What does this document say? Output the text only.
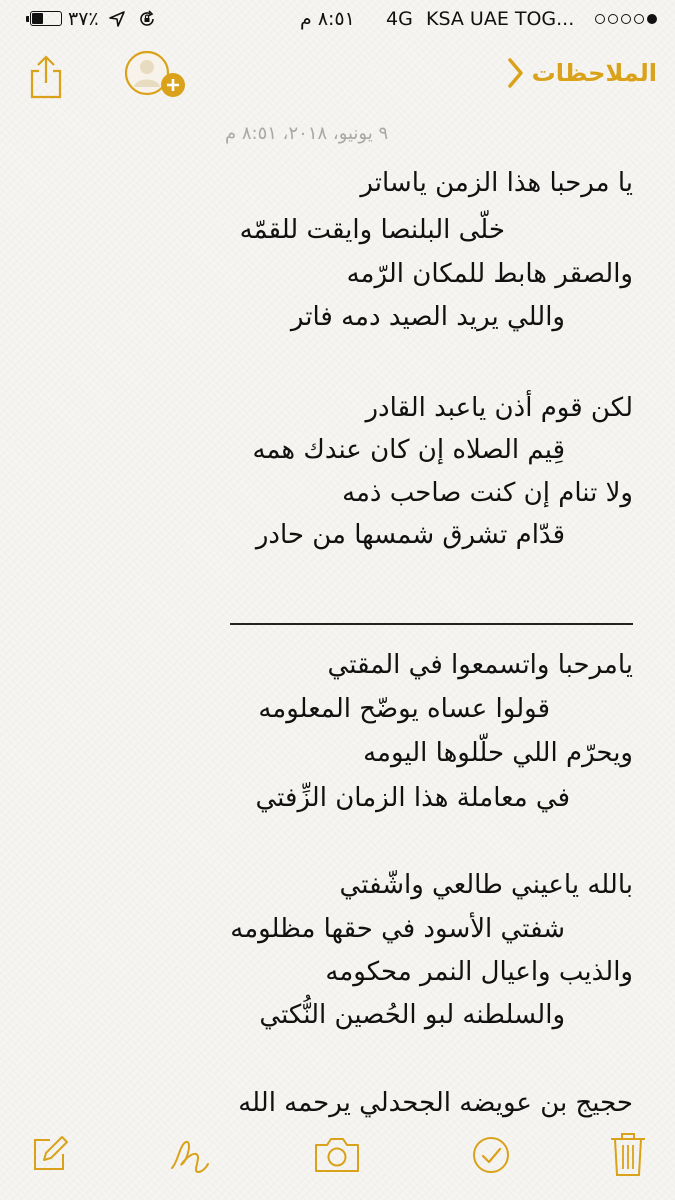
٣٧٪	٨:٥١ م 4G KSA UAE TOG...
الملاحظات
٩ يونيو، ٢٠١٨، ٨:٥١ م
يا مرحبا هذا الزمن ياساتر
خلّى البلنصا وايقت للقمّه
والصقر هابط للمكان الرّمه
واللي يريد الصيد دمه فاتر
لكن قوم أذن ياعبد القادر
قِيم الصلاه إن كان عندك همه
ولا تنام إن كنت صاحب ذمه
قدّام تشرق شمسها من حادر
يامرحبا واتسمعوا في المقتي
قولوا عساه يوضّح المعلومه
ويحرّم اللي حلّلوها اليومه
في معاملة هذا الزمان الزِّفتي
بالله ياعيني طالعي واشّفتي
شفتي الأسود في حقها مظلومه
والذيب واعيال النمر محكومه
والسلطنه لبو الحُصين النُّكتي
حجيج بن عويضه الجحدلي يرحمه الله
